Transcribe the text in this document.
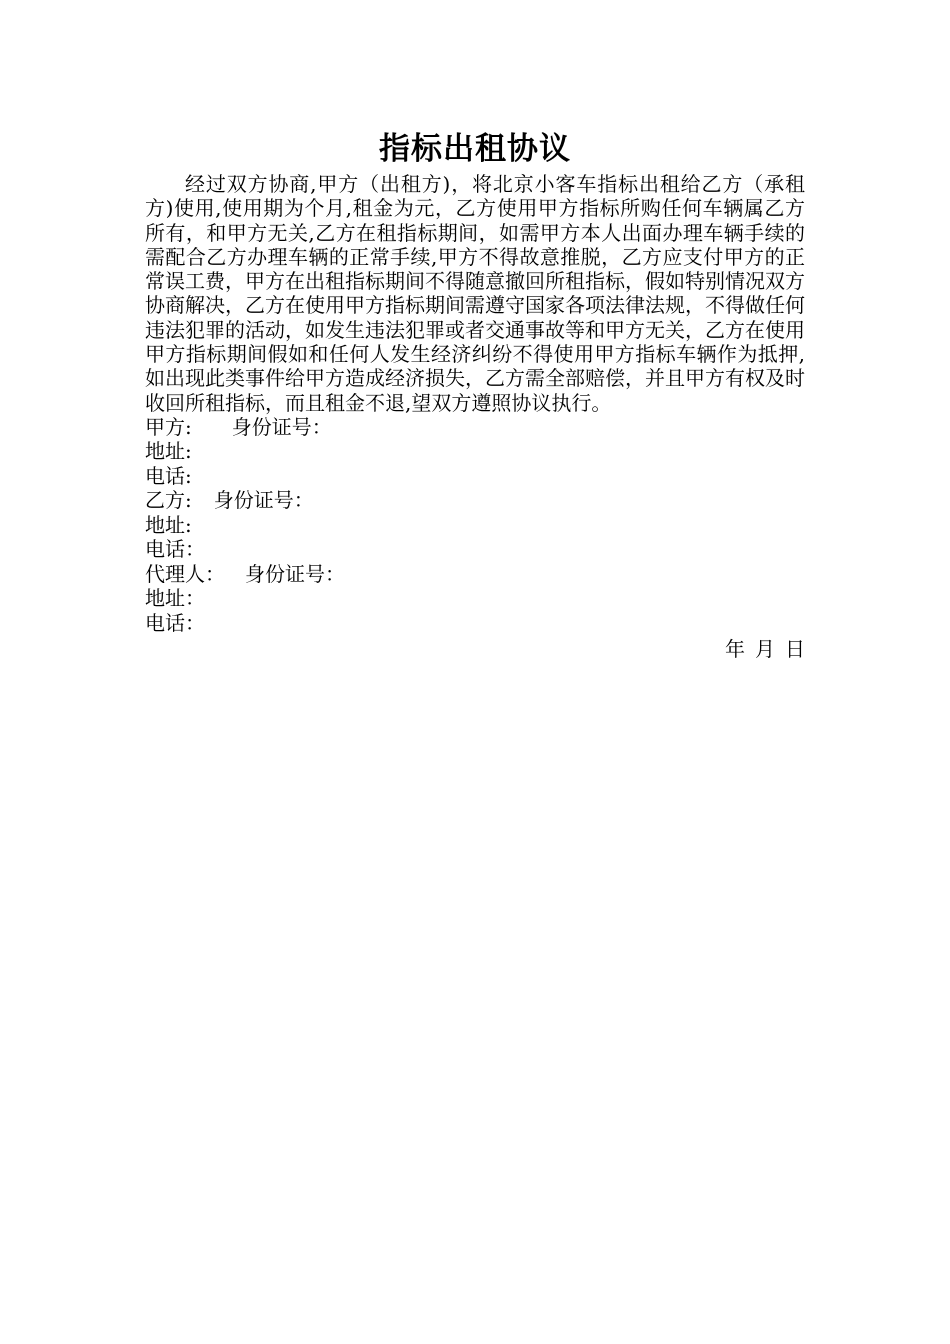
指标出租协议

经过双方协商,甲方（出租方)，将北京小客车指标出租给乙方（承租方)使用,使用期为个月,租金为元，乙方使用甲方指标所购任何车辆属乙方所有，和甲方无关,乙方在租指标期间，如需甲方本人出面办理车辆手续的需配合乙方办理车辆的正常手续,甲方不得故意推脱，乙方应支付甲方的正常误工费，甲方在出租指标期间不得随意撤回所租指标，假如特别情况双方协商解决，乙方在使用甲方指标期间需遵守国家各项法律法规，不得做任何违法犯罪的活动，如发生违法犯罪或者交通事故等和甲方无关，乙方在使用甲方指标期间假如和任何人发生经济纠纷不得使用甲方指标车辆作为抵押,如出现此类事件给甲方造成经济损失，乙方需全部赔偿，并且甲方有权及时收回所租指标，而且租金不退,望双方遵照协议执行。

甲方: 身份证号：

地址:

电话:

乙方: 身份证号：

地址:

电话：

代理人： 身份证号：

地址：

电话：

年 月 日
